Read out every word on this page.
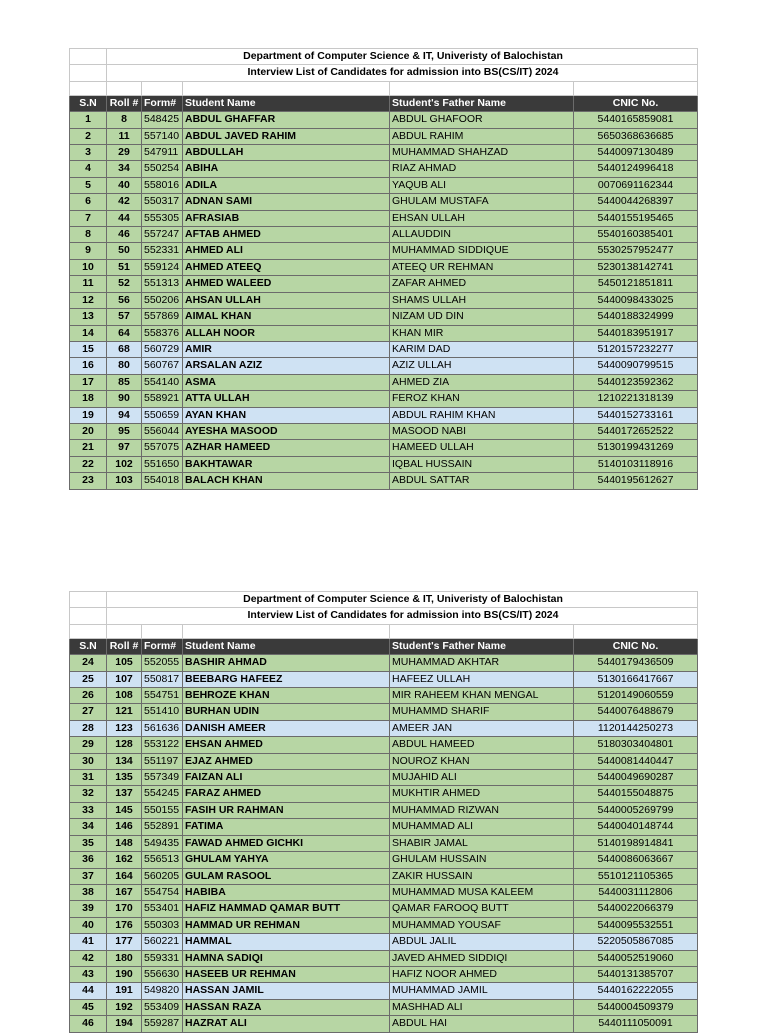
	Department of Computer Science & IT, Univeristy of Balochistan				
	Interview List of Candidates for admission into BS(CS/IT) 2024				

S.N	Roll #	Form#	Student Name	Student's Father Name	CNIC No.
1	8	548425	ABDUL GHAFFAR	ABDUL GHAFOOR	5440165859081
2	11	557140	ABDUL JAVED RAHIM	ABDUL RAHIM	5650368636685
3	29	547911	ABDULLAH	MUHAMMAD SHAHZAD	5440097130489
4	34	550254	ABIHA	RIAZ AHMAD	5440124996418
5	40	558016	ADILA	YAQUB ALI	0070691162344
6	42	550317	ADNAN SAMI	GHULAM MUSTAFA	5440044268397
7	44	555305	AFRASIAB	EHSAN ULLAH	5440155195465
8	46	557247	AFTAB AHMED	ALLAUDDIN	5540160385401
9	50	552331	AHMED ALI	MUHAMMAD SIDDIQUE	5530257952477
10	51	559124	AHMED ATEEQ	ATEEQ UR REHMAN	5230138142741
11	52	551313	AHMED WALEED	ZAFAR AHMED	5450121851811
12	56	550206	AHSAN ULLAH	SHAMS ULLAH	5440098433025
13	57	557869	AIMAL KHAN	NIZAM UD DIN	5440188324999
14	64	558376	ALLAH NOOR	KHAN MIR	5440183951917
15	68	560729	AMIR	KARIM DAD	5120157232277
16	80	560767	ARSALAN AZIZ	AZIZ ULLAH	5440090799515
17	85	554140	ASMA	AHMED ZIA	5440123592362
18	90	558921	ATTA ULLAH	FEROZ KHAN	1210221318139
19	94	550659	AYAN KHAN	ABDUL RAHIM KHAN	5440152733161
20	95	556044	AYESHA MASOOD	MASOOD NABI	5440172652522
21	97	557075	AZHAR HAMEED	HAMEED ULLAH	5130199431269
22	102	551650	BAKHTAWAR	IQBAL HUSSAIN	5140103118916
23	103	554018	BALACH KHAN	ABDUL SATTAR	5440195612627
	Department of Computer Science & IT, Univeristy of Balochistan				
	Interview List of Candidates for admission into BS(CS/IT) 2024				

S.N	Roll #	Form#	Student Name	Student's Father Name	CNIC No.
24	105	552055	BASHIR AHMAD	MUHAMMAD AKHTAR	5440179436509
25	107	550817	BEEBARG HAFEEZ	HAFEEZ ULLAH	5130166417667
26	108	554751	BEHROZE KHAN	MIR RAHEEM KHAN MENGAL	5120149060559
27	121	551410	BURHAN UDIN	MUHAMMD SHARIF	5440076488679
28	123	561636	DANISH AMEER	AMEER JAN	1120144250273
29	128	553122	EHSAN AHMED	ABDUL HAMEED	5180303404801
30	134	551197	EJAZ AHMED	NOUROZ KHAN	5440081440447
31	135	557349	FAIZAN ALI	MUJAHID ALI	5440049690287
32	137	554245	FARAZ AHMED	MUKHTIR AHMED	5440155048875
33	145	550155	FASIH UR RAHMAN	MUHAMMAD RIZWAN	5440005269799
34	146	552891	FATIMA	MUHAMMAD ALI	5440040148744
35	148	549435	FAWAD AHMED GICHKI	SHABIR JAMAL	5140198914841
36	162	556513	GHULAM YAHYA	GHULAM HUSSAIN	5440086063667
37	164	560205	GULAM RASOOL	ZAKIR HUSSAIN	5510121105365
38	167	554754	HABIBA	MUHAMMAD MUSA KALEEM	5440031112806
39	170	553401	HAFIZ HAMMAD QAMAR BUTT	QAMAR FAROOQ BUTT	5440022066379
40	176	550303	HAMMAD UR REHMAN	MUHAMMAD YOUSAF	5440095532551
41	177	560221	HAMMAL	ABDUL JALIL	5220505867085
42	180	559331	HAMNA SADIQI	JAVED AHMED SIDDIQI	5440052519060
43	190	556630	HASEEB UR REHMAN	HAFIZ NOOR AHMED	5440131385707
44	191	549820	HASSAN JAMIL	MUHAMMAD JAMIL	5440162222055
45	192	553409	HASSAN RAZA	MASHHAD ALI	5440004509379
46	194	559287	HAZRAT ALI	ABDUL HAI	5440111050091
